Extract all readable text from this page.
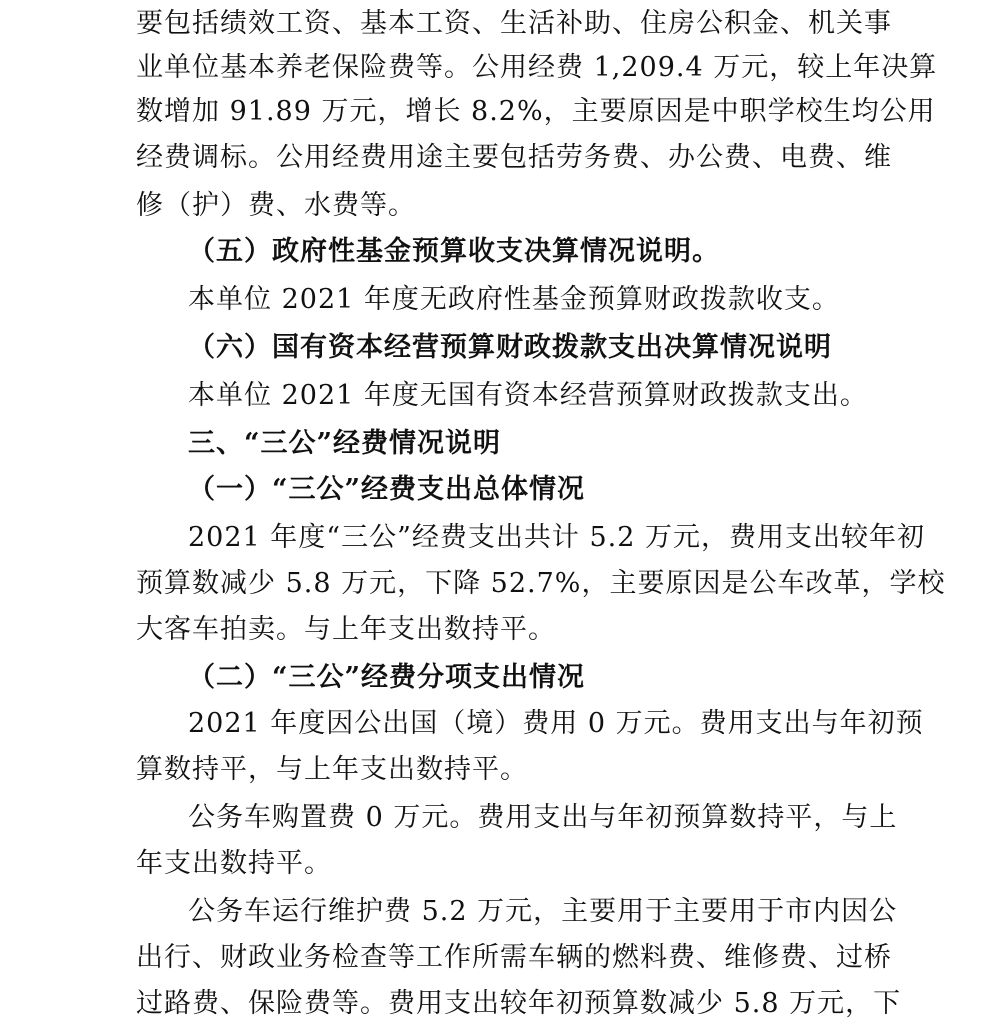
要包括绩效工资、基本工资、生活补助、住房公积金、机关事
业单位基本养老保险费等。公用经费 1,209.4 万元，较上年决算
数增加 91.89 万元，增长 8.2%，主要原因是中职学校生均公用
经费调标。公用经费用途主要包括劳务费、办公费、电费、维
修（护）费、水费等。
（五）政府性基金预算收支决算情况说明。
本单位 2021 年度无政府性基金预算财政拨款收支。
（六）国有资本经营预算财政拨款支出决算情况说明
本单位 2021 年度无国有资本经营预算财政拨款支出。
三、“三公”经费情况说明
（一）“三公”经费支出总体情况
2021 年度“三公”经费支出共计 5.2 万元，费用支出较年初
预算数减少 5.8 万元，下降 52.7%，主要原因是公车改革，学校
大客车拍卖。与上年支出数持平。
（二）“三公”经费分项支出情况
2021 年度因公出国（境）费用 0 万元。费用支出与年初预
算数持平，与上年支出数持平。
公务车购置费 0 万元。费用支出与年初预算数持平，与上
年支出数持平。
公务车运行维护费 5.2 万元，主要用于主要用于市内因公
出行、财政业务检查等工作所需车辆的燃料费、维修费、过桥
过路费、保险费等。费用支出较年初预算数减少 5.8 万元，下
